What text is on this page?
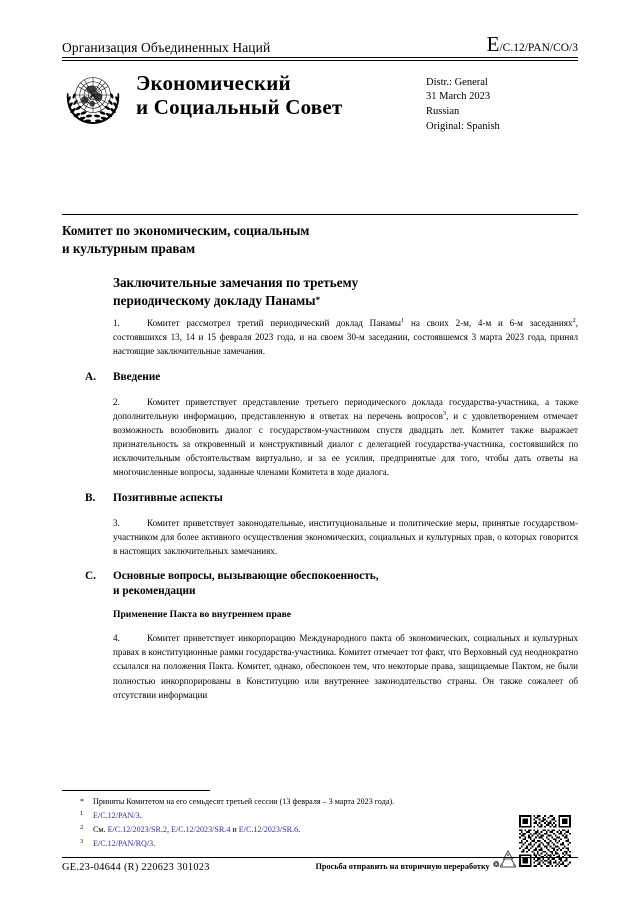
Организация Объединенных Наций	E/C.12/PAN/CO/3
Экономический
и Социальный Совет
Distr.: General
31 March 2023
Russian
Original: Spanish
Комитет по экономическим, социальным
и культурным правам
Заключительные замечания по третьему
периодическому докладу Панамы*

1.	Комитет рассмотрел третий периодический доклад Панамы$^1$ на своих 2-м, 4-м и 6-м заседаниях$^2$, состоявшихся 13, 14 и 15 февраля 2023 года, и на своем 30-м заседании, состоявшемся 3 марта 2023 года, принял настоящие заключительные замечания.

A.	Введение

2.	Комитет приветствует представление третьего периодического доклада государства-участника, а также дополнительную информацию, представленную в ответах на перечень вопросов$^3$, и с удовлетворением отмечает возможность возобновить диалог с государством-участником спустя двадцать лет. Комитет также выражает признательность за откровенный и конструктивный диалог с делегацией государства-участника, состоявшийся по исключительным обстоятельствам виртуально, и за ее усилия, предпринятые для того, чтобы дать ответы на многочисленные вопросы, заданные членами Комитета в ходе диалога.

B.	Позитивные аспекты

3.	Комитет приветствует законодательные, институциональные и политические меры, принятые государством-участником для более активного осуществления экономических, социальных и культурных прав, о которых говорится в настоящих заключительных замечаниях.

C.	Основные вопросы, вызывающие обеспокоенность,
и рекомендации
Применение Пакта во внутреннем праве

4.	Комитет приветствует инкорпорацию Международного пакта об экономических, социальных и культурных правах в конституционные рамки государства-участника. Комитет отмечает тот факт, что Верховный суд неоднократно ссылался на положения Пакта. Комитет, однако, обеспокоен тем, что некоторые права, защищаемые Пактом, не были полностью инкорпорированы в Конституцию или внутреннее законодательство страны. Он также сожалеет об отсутствии информации

*	Приняты Комитетом на его семьдесят третьей сессии (13 февраля – 3 марта 2023 года).
1	E/C.12/PAN/3.
2	См. E/C.12/2023/SR.2, E/C.12/2023/SR.4 и E/C.12/2023/SR.6.
3	E/C.12/PAN/RQ/3.
GE.23-04644 (R) 220623 301023	Просьба отправить на вторичную переработку ♲
